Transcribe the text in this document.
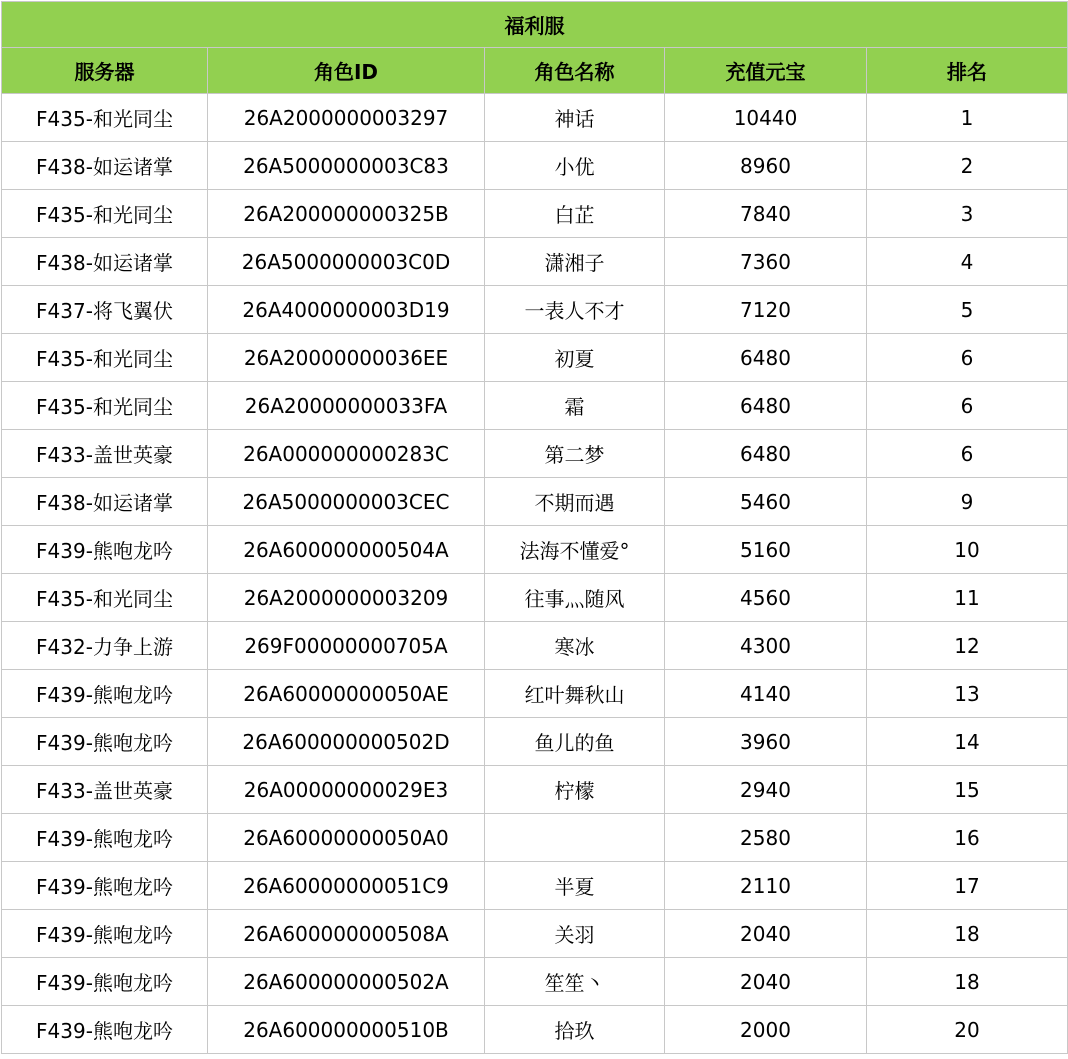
福利服				
服务器	角色ID	角色名称	充值元宝	排名
F435-和光同尘	26A2000000003297	神话	10440	1
F438-如运诸掌	26A5000000003C83	小优	8960	2
F435-和光同尘	26A200000000325B	白芷	7840	3
F438-如运诸掌	26A5000000003C0D	潇湘子	7360	4
F437-将飞翼伏	26A4000000003D19	一表人不才	7120	5
F435-和光同尘	26A20000000036EE	初夏	6480	6
F435-和光同尘	26A20000000033FA	霜	6480	6
F433-盖世英豪	26A000000000283C	第二梦	6480	6
F438-如运诸掌	26A5000000003CEC	不期而遇	5460	9
F439-熊咆龙吟	26A600000000504A	法海不懂爱°	5160	10
F435-和光同尘	26A2000000003209	往事灬随风	4560	11
F432-力争上游	269F00000000705A	寒冰	4300	12
F439-熊咆龙吟	26A60000000050AE	红叶舞秋山	4140	13
F439-熊咆龙吟	26A600000000502D	鱼儿的鱼	3960	14
F433-盖世英豪	26A00000000029E3	柠檬	2940	15
F439-熊咆龙吟	26A60000000050A0		2580	16
F439-熊咆龙吟	26A60000000051C9	半夏	2110	17
F439-熊咆龙吟	26A600000000508A	关羽	2040	18
F439-熊咆龙吟	26A600000000502A	笙笙丶	2040	18
F439-熊咆龙吟	26A600000000510B	拾玖	2000	20
